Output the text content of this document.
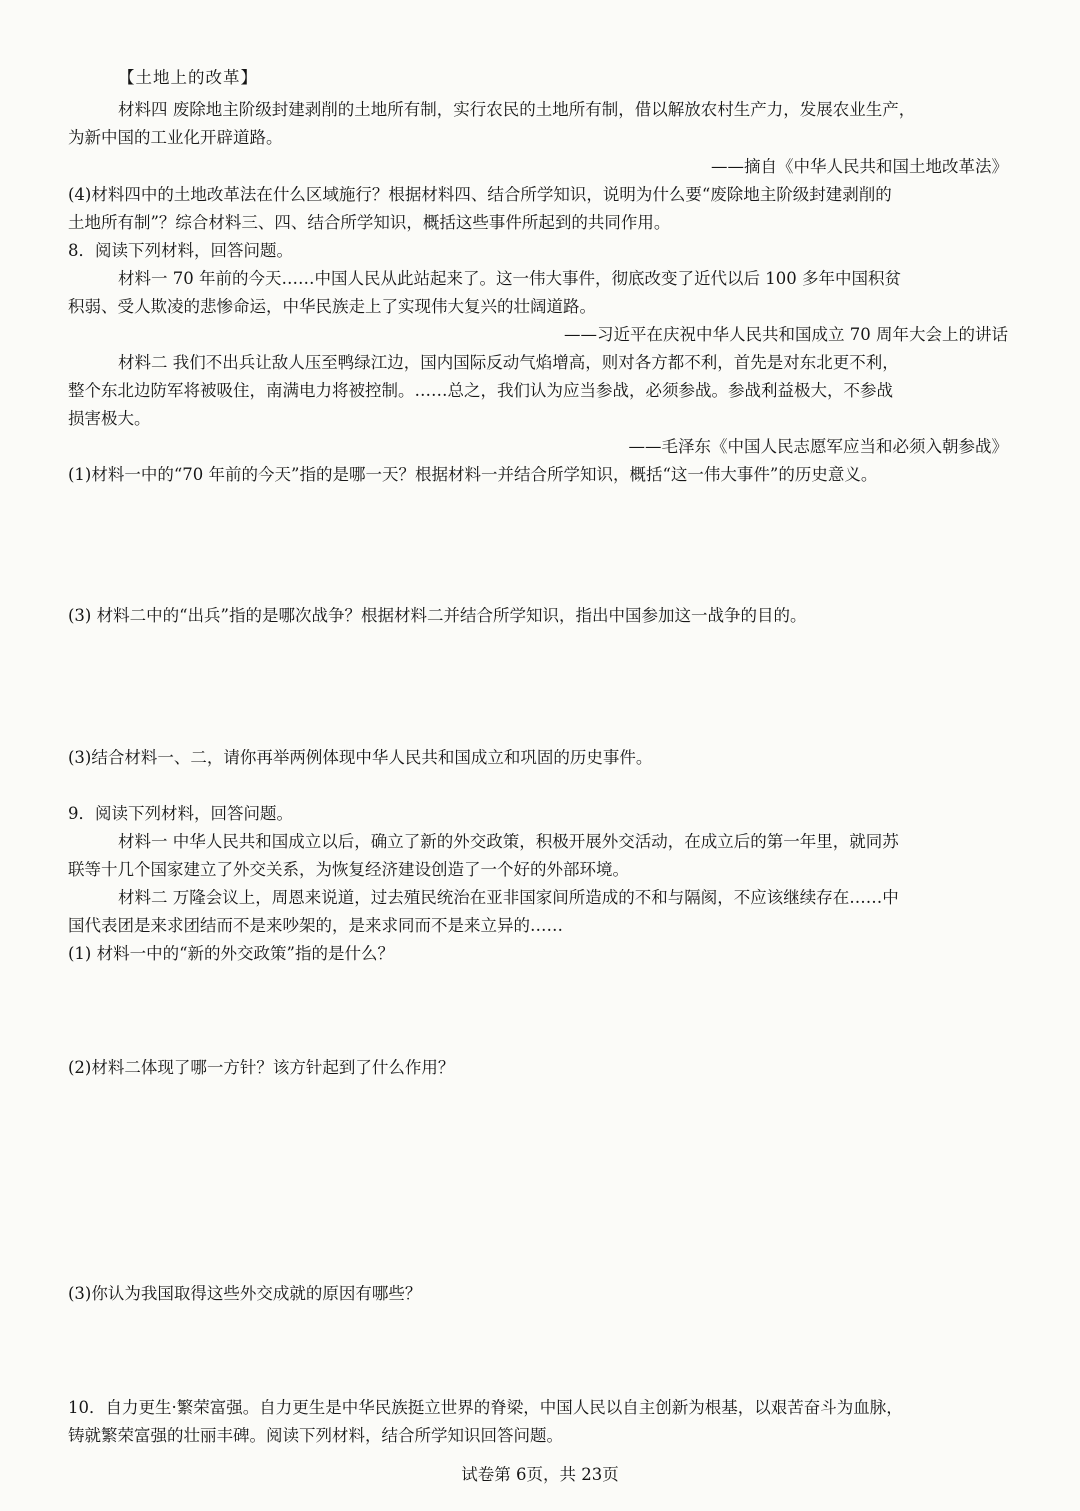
【土地上的改革】
材料四 废除地主阶级封建剥削的土地所有制，实行农民的土地所有制，借以解放农村生产力，发展农业生产，
为新中国的工业化开辟道路。
——摘自《中华人民共和国土地改革法》
(4)材料四中的土地改革法在什么区域施行？根据材料四、结合所学知识，说明为什么要“废除地主阶级封建剥削的
土地所有制”？综合材料三、四、结合所学知识，概括这些事件所起到的共同作用。
8．阅读下列材料，回答问题。
材料一 70 年前的今天……中国人民从此站起来了。这一伟大事件，彻底改变了近代以后 100 多年中国积贫
积弱、受人欺凌的悲惨命运，中华民族走上了实现伟大复兴的壮阔道路。
——习近平在庆祝中华人民共和国成立 70 周年大会上的讲话
材料二 我们不出兵让敌人压至鸭绿江边，国内国际反动气焰增高，则对各方都不利，首先是对东北更不利，
整个东北边防军将被吸住，南满电力将被控制。……总之，我们认为应当参战，必须参战。参战利益极大，不参战
损害极大。
——毛泽东《中国人民志愿军应当和必须入朝参战》
(1)材料一中的“70 年前的今天”指的是哪一天？根据材料一并结合所学知识，概括“这一伟大事件”的历史意义。
(3) 材料二中的“出兵”指的是哪次战争？根据材料二并结合所学知识，指出中国参加这一战争的目的。
(3)结合材料一、二，请你再举两例体现中华人民共和国成立和巩固的历史事件。
9．阅读下列材料，回答问题。
材料一 中华人民共和国成立以后，确立了新的外交政策，积极开展外交活动，在成立后的第一年里，就同苏
联等十几个国家建立了外交关系，为恢复经济建设创造了一个好的外部环境。
材料二 万隆会议上，周恩来说道，过去殖民统治在亚非国家间所造成的不和与隔阂，不应该继续存在……中
国代表团是来求团结而不是来吵架的，是来求同而不是来立异的……
(1) 材料一中的“新的外交政策”指的是什么？
(2)材料二体现了哪一方针？该方针起到了什么作用？
(3)你认为我国取得这些外交成就的原因有哪些？
10．自力更生·繁荣富强。自力更生是中华民族挺立世界的脊梁，中国人民以自主创新为根基，以艰苦奋斗为血脉，
铸就繁荣富强的壮丽丰碑。阅读下列材料，结合所学知识回答问题。
试卷第 6页，共 23页
